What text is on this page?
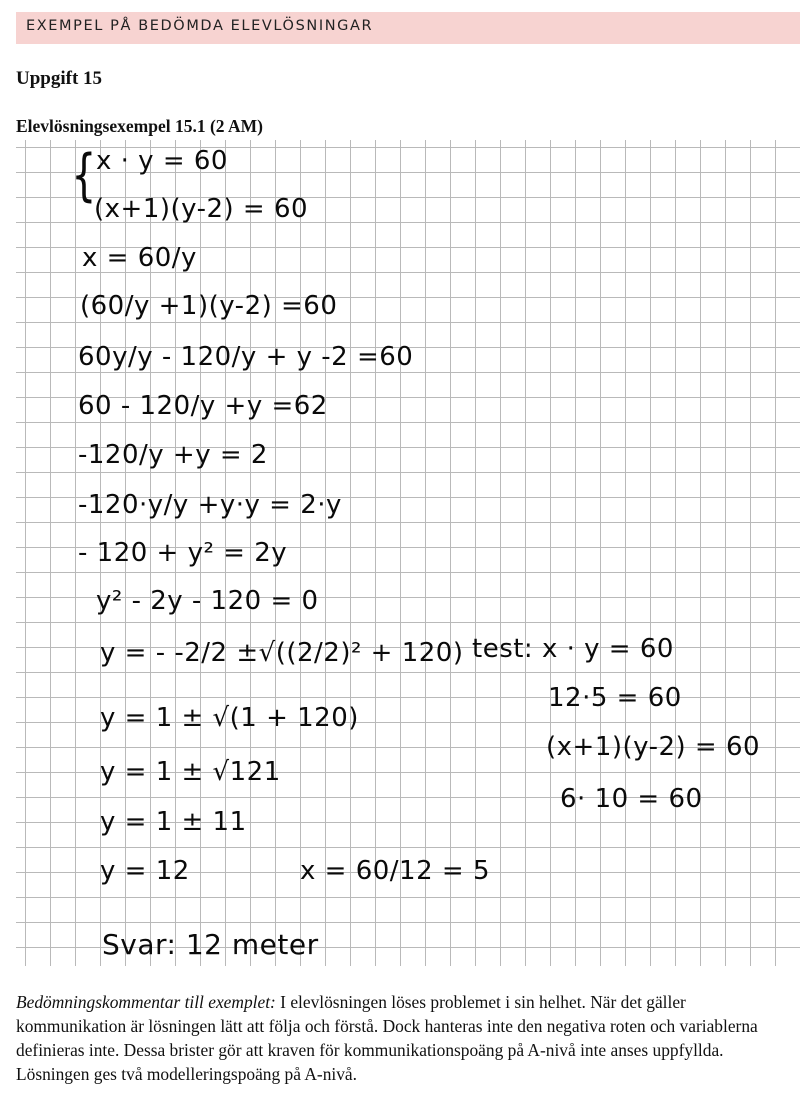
EXEMPEL PÅ BEDÖMDA ELEVLÖSNINGAR
Uppgift 15
Elevlösningsexempel 15.1 (2 AM)
{ x · y = 60
(x+1)(y-2) = 60
x = 60/y
(60/y +1)(y-2) =60
60y/y - 120/y + y -2 =60
60 - 120/y +y =62
-120/y +y = 2
-120·y/y +y·y = 2·y
- 120 + y² = 2y
y² - 2y - 120 = 0
y = - -2/2 ±√((2/2)² + 120)
y = 1 ± √(1 + 120)
y = 1 ± √121
y = 1 ± 11
y = 12	x = 60/12 = 5
test: x · y = 60
12·5 = 60
(x+1)(y-2) = 60
6· 10 = 60
Svar: 12 meter
Bedömningskommentar till exemplet: I elevlösningen löses problemet i sin helhet. När det gäller kommunikation är lösningen lätt att följa och förstå. Dock hanteras inte den negativa roten och variablerna definieras inte. Dessa brister gör att kraven för kommunikationspoäng på A-nivå inte anses uppfyllda. Lösningen ges två modelleringspoäng på A-nivå.
